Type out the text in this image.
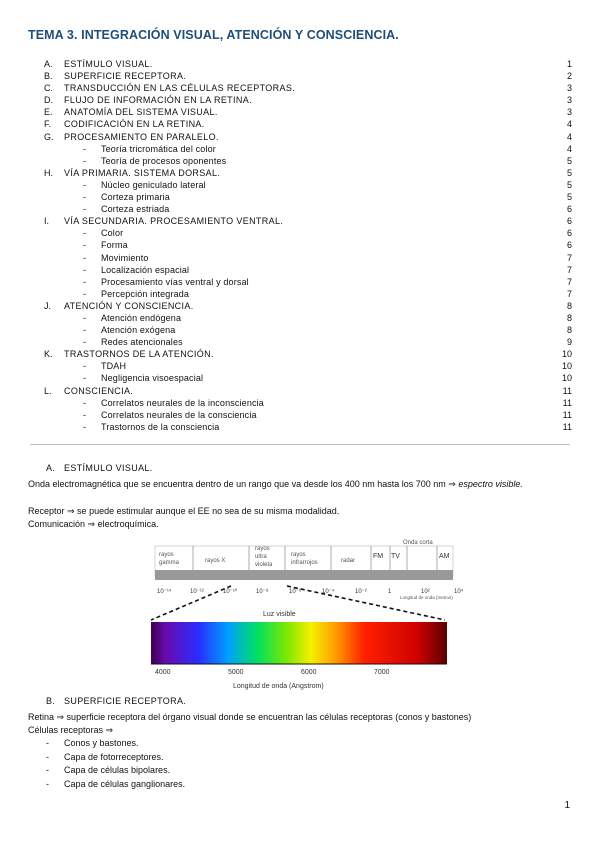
TEMA 3. INTEGRACIÓN VISUAL, ATENCIÓN Y CONSCIENCIA.
A.	ESTÍMULO VISUAL.	1
B.	SUPERFICIE RECEPTORA.	2
C.	TRANSDUCCIÓN EN LAS CÉLULAS RECEPTORAS.	3
D.	FLUJO DE INFORMACIÓN EN LA RETINA.	3
E.	ANATOMÍA DEL SISTEMA VISUAL.	3
F.	CODIFICACIÓN EN LA RETINA.	4
G.	PROCESAMIENTO EN PARALELO.	4
- Teoría tricromática del color	4
- Teoría de procesos oponentes	5
H.	VÍA PRIMARIA. SISTEMA DORSAL.	5
- Núcleo geniculado lateral	5
- Corteza primaria	5
- Corteza estriada	6
I.	VÍA SECUNDARIA. PROCESAMIENTO VENTRAL.	6
- Color	6
- Forma	6
- Movimiento	7
- Localización espacial	7
- Procesamiento vías ventral y dorsal	7
- Percepción integrada	7
J.	ATENCIÓN Y CONSCIENCIA.	8
- Atención endógena	8
- Atención exógena	8
- Redes atencionales	9
K.	TRASTORNOS DE LA ATENCIÓN.	10
- TDAH	10
- Negligencia visoespacial	10
L.	CONSCIENCIA.	11
- Correlatos neurales de la inconsciencia	11
- Correlatos neurales de la consciencia	11
- Trastornos de la consciencia	11
A. ESTÍMULO VISUAL.
Onda electromagnética que se encuentra dentro de un rango que va desde los 400 nm hasta los 700 nm ⇒ espectro visible.
Receptor ⇒ se puede estimular aunque el EE no sea de su misma modalidad.
Comunicación ⇒ electroquímica.
rayos gamma	rayos X
rayos ultra violeta
rayos infrarrojos	radar
FM TV	AM
Onda corta
10⁻¹⁴	10⁻¹²	10⁻¹⁰	10⁻⁸	10⁻⁶	10⁻⁴	10⁻²	1	10²	10⁴
Longitud de onda (metros)
Luz visible
4000	5000	6000	7000
Longitud de onda (Angstrom)
B. SUPERFICIE RECEPTORA.
Retina ⇒ superficie receptora del órgano visual donde se encuentran las células receptoras (conos y bastones)
Células receptoras ⇒
- Conos y bastones.
- Capa de fotorreceptores.
- Capa de células bipolares.
- Capa de células ganglionares.
1
